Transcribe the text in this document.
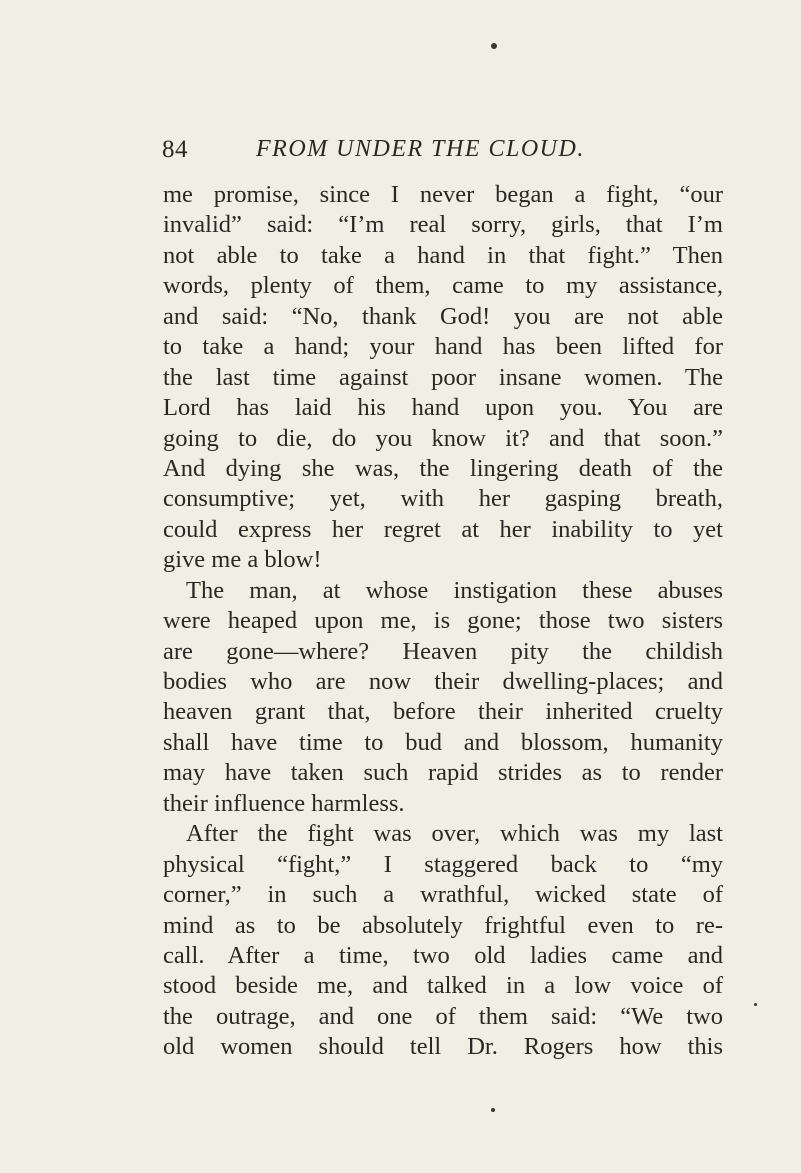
84	FROM UNDER THE CLOUD.
me promise, since I never began a fight, “our
invalid” said: “I’m real sorry, girls, that I’m
not able to take a hand in that fight.” Then
words, plenty of them, came to my assistance,
and said: “No, thank God! you are not able
to take a hand; your hand has been lifted for
the last time against poor insane women. The
Lord has laid his hand upon you. You are
going to die, do you know it? and that soon.”
And dying she was, the lingering death of the
consumptive; yet, with her gasping breath,
could express her regret at her inability to yet
give me a blow!
The man, at whose instigation these abuses
were heaped upon me, is gone; those two sisters
are gone—where? Heaven pity the childish
bodies who are now their dwelling-places; and
heaven grant that, before their inherited cruelty
shall have time to bud and blossom, humanity
may have taken such rapid strides as to render
their influence harmless.
After the fight was over, which was my last
physical “fight,” I staggered back to “my
corner,” in such a wrathful, wicked state of
mind as to be absolutely frightful even to re-
call. After a time, two old ladies came and
stood beside me, and talked in a low voice of
the outrage, and one of them said: “We two
old women should tell Dr. Rogers how this
